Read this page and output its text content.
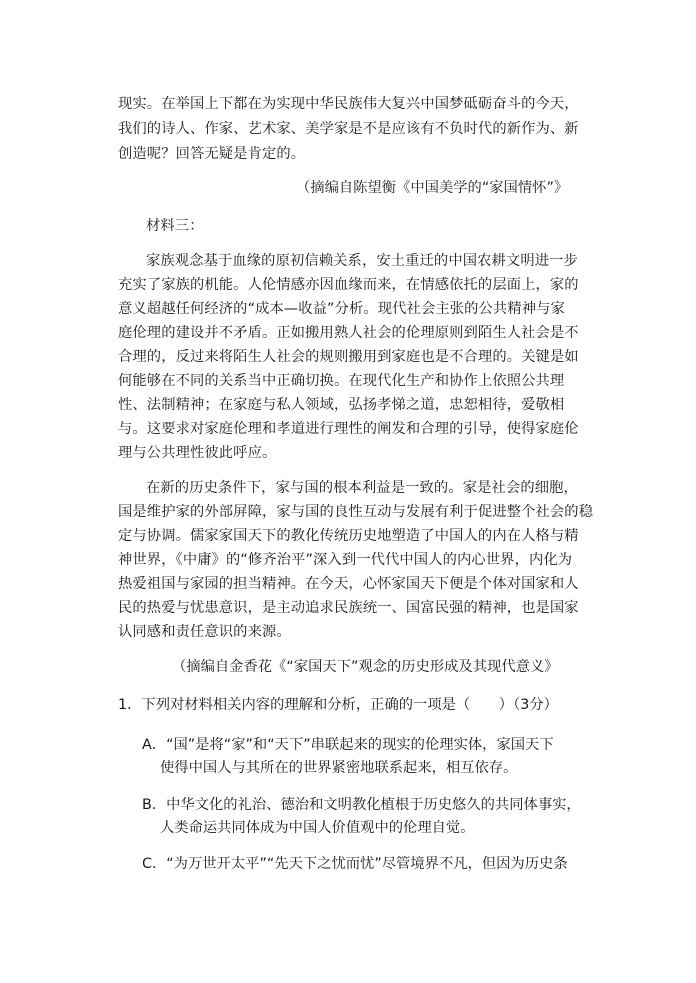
现实。在举国上下都在为实现中华民族伟大复兴中国梦砥砺奋斗的今天，
我们的诗人、作家、艺术家、美学家是不是应该有不负时代的新作为、新
创造呢？回答无疑是肯定的。
（摘编自陈望衡《中国美学的“家国情怀”》
材料三：
家族观念基于血缘的原初信赖关系，安土重迁的中国农耕文明进一步
充实了家族的机能。人伦情感亦因血缘而来，在情感依托的层面上，家的
意义超越任何经济的“成本—收益”分析。现代社会主张的公共精神与家
庭伦理的建设并不矛盾。正如搬用熟人社会的伦理原则到陌生人社会是不
合理的，反过来将陌生人社会的规则搬用到家庭也是不合理的。关键是如
何能够在不同的关系当中正确切换。在现代化生产和协作上依照公共理
性、法制精神；在家庭与私人领域，弘扬孝悌之道，忠恕相待，爱敬相
与。这要求对家庭伦理和孝道进行理性的阐发和合理的引导，使得家庭伦
理与公共理性彼此呼应。
在新的历史条件下，家与国的根本利益是一致的。家是社会的细胞，
国是维护家的外部屏障，家与国的良性互动与发展有利于促进整个社会的稳
定与协调。儒家家国天下的教化传统历史地塑造了中国人的内在人格与精
神世界，《中庸》的“修齐治平”深入到一代代中国人的内心世界，内化为
热爱祖国与家园的担当精神。在今天，心怀家国天下便是个体对国家和人
民的热爱与忧患意识，是主动追求民族统一、国富民强的精神，也是国家
认同感和责任意识的来源。
（摘编自金香花《“家国天下”观念的历史形成及其现代意义》
1．下列对材料相关内容的理解和分析，正确的一项是（　　）（3分）
A．“国”是将“家”和“天下”串联起来的现实的伦理实体，家国天下
使得中国人与其所在的世界紧密地联系起来，相互依存。
B．中华文化的礼治、德治和文明教化植根于历史悠久的共同体事实，
人类命运共同体成为中国人价值观中的伦理自觉。
C．“为万世开太平”“先天下之忧而忧”尽管境界不凡，但因为历史条
